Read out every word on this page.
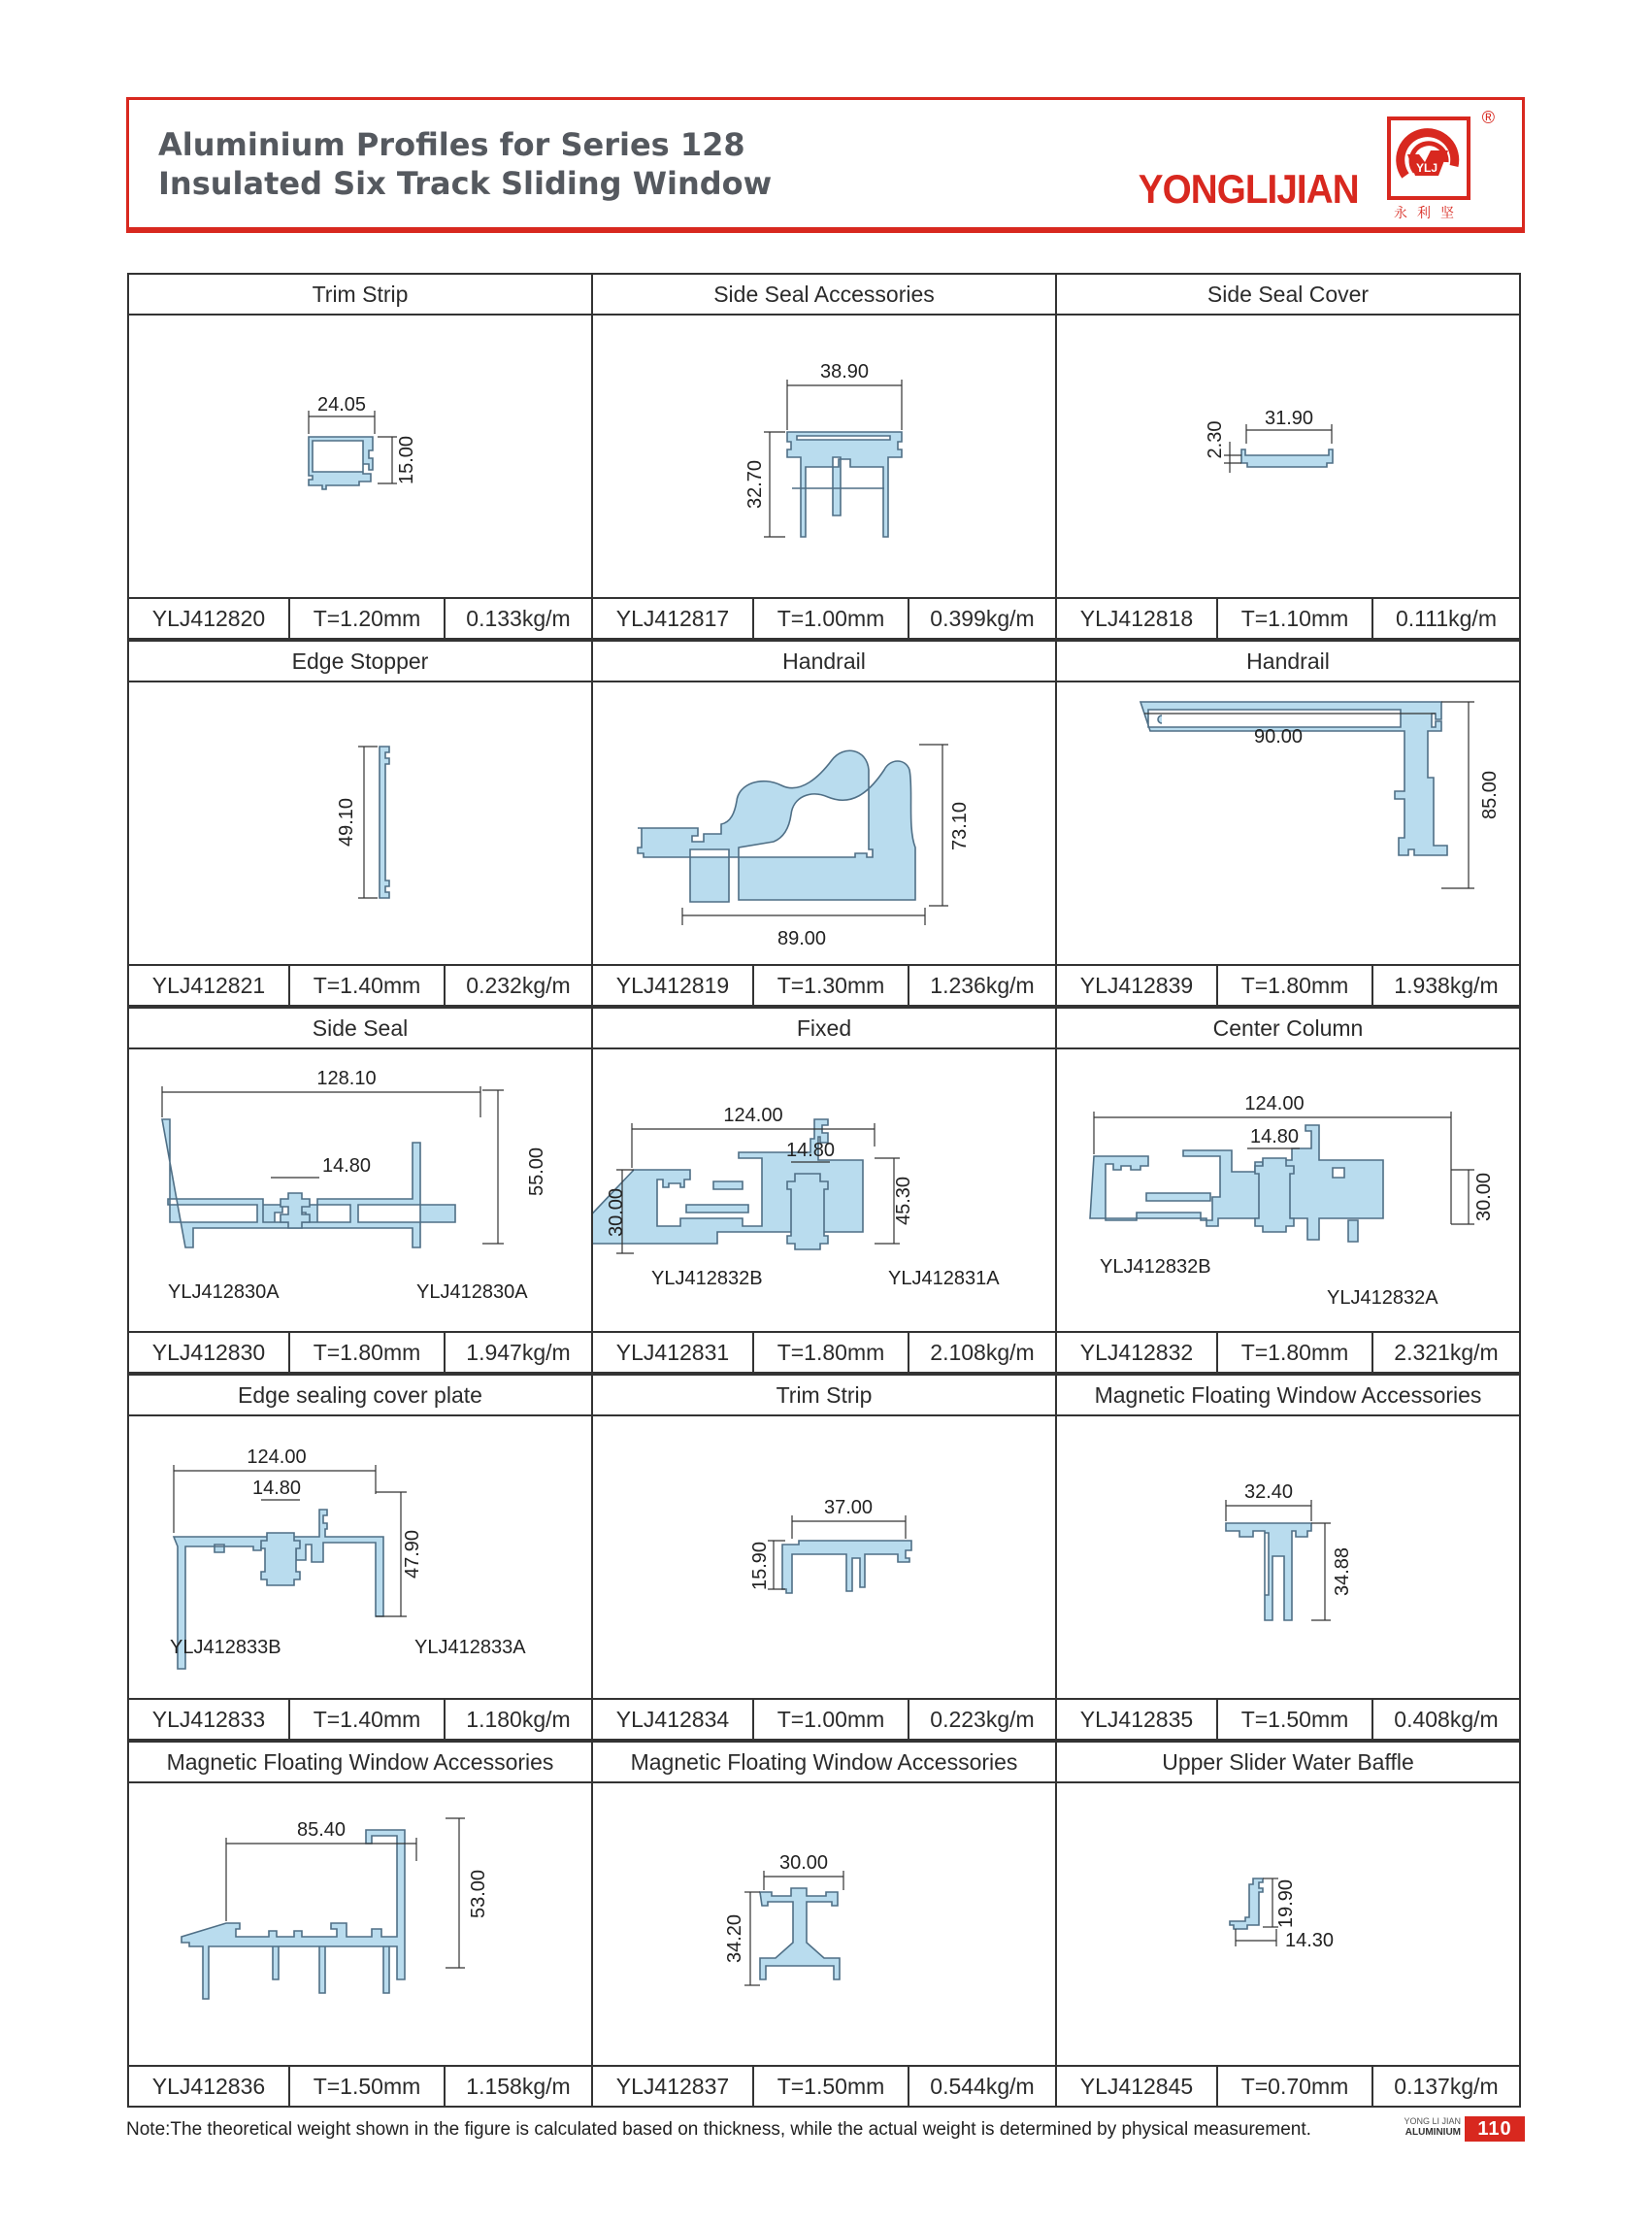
Aluminium Profiles for Series 128
Insulated Six Track Sliding Window	YONGLIJIAN	YLJ
永利坚
®
Trim Strip
24.05
15.00
YLJ412820	T=1.20mm	0.133kg/m
Side Seal Accessories
38.90
32.70
YLJ412817	T=1.00mm	0.399kg/m
Side Seal Cover
31.90
2.30
YLJ412818	T=1.10mm	0.111kg/m
Edge Stopper
49.10
YLJ412821	T=1.40mm	0.232kg/m
Handrail
89.00
73.10
YLJ412819	T=1.30mm	1.236kg/m
Handrail
90.00
85.00
YLJ412839	T=1.80mm	1.938kg/m
Side Seal
128.10
14.80	55.00
YLJ412830A	YLJ412830A
YLJ412830	T=1.80mm	1.947kg/m
Fixed
124.00
14.80
30.00	45.30
YLJ412832B	YLJ412831A
YLJ412831	T=1.80mm	2.108kg/m
Center Column
124.00
14.80
30.00
YLJ412832B
YLJ412832A
YLJ412832	T=1.80mm	2.321kg/m
Edge sealing cover plate
124.00
14.80
47.90
YLJ412833B	YLJ412833A
YLJ412833	T=1.40mm	1.180kg/m
Trim Strip
37.00
15.90
YLJ412834	T=1.00mm	0.223kg/m
Magnetic Floating Window Accessories
32.40
34.88
YLJ412835	T=1.50mm	0.408kg/m
Magnetic Floating Window Accessories
85.40
53.00
YLJ412836	T=1.50mm	1.158kg/m
Magnetic Floating Window Accessories
30.00
34.20
YLJ412837	T=1.50mm	0.544kg/m
Upper Slider Water Baffle
19.90
14.30
YLJ412845	T=0.70mm	0.137kg/m
Note:The theoretical weight shown in the figure is calculated based on thickness, while the actual weight is determined by physical measurement.	YONG LI JIAN
ALUMINIUM 110
